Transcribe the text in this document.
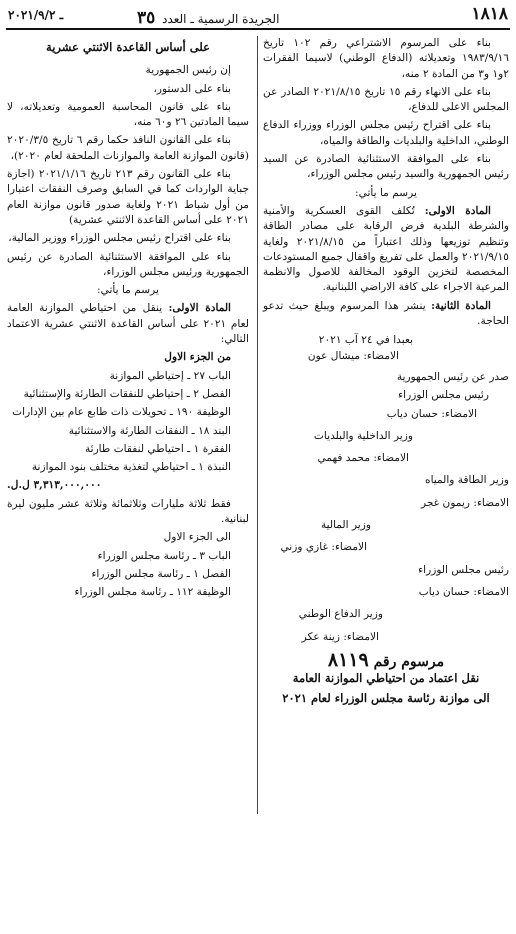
١٨١٨
الجريدة الرسمية ـ العدد ٣٥
ـ ٢٠٢١/٩/٢

بناء على المرسوم الاشتراعي رقم ١٠٢ تاريخ ١٩٨٣/٩/١٦ وتعديلاته (الدفاع الوطني) لاسيما الفقرات ٢و١ و٣ من المادة ٢ منه،

بناء على الانهاء رقم ١٥ تاريخ ٢٠٢١/٨/١٥ الصادر عن المجلس الاعلى للدفاع،

بناء على اقتراح رئيس مجلس الوزراء ووزراء الدفاع الوطني، الداخلية والبلديات والطاقة والمياه،

بناء على الموافقة الاستثنائية الصادرة عن السيد رئيس الجمهورية والسيد رئيس مجلس الوزراء،

يرسم ما يأتي:

المادة الاولى: تُكلف القوى العسكرية والأمنية والشرطة البلدية فرض الرقابة على مصادر الطاقة وتنظيم توزيعها وذلك اعتباراً من ٢٠٢١/٨/١٥ ولغاية ٢٠٢١/٩/١٥ والعمل على تفريغ واقفال جميع المستودعات المخصصة لتخزين الوقود المخالفة للاصول والانظمة المرعية الاجراء على كافة الاراضي اللبنانية.

المادة الثانية: ينشر هذا المرسوم ويبلغ حيث تدعو الحاجة.

بعبدا في ٢٤ آب ٢٠٢١

الامضاء: ميشال عون

صدر عن رئيس الجمهورية

رئيس مجلس الوزراء

الامضاء: حسان دياب

وزير الداخلية والبلديات

الامضاء: محمد فهمي

وزير الطاقة والمياه

الامضاء: ريمون غجر

وزير المالية

الامضاء: غازي وزني

رئيس مجلس الوزراء

الامضاء: حسان دياب

وزير الدفاع الوطني

الامضاء: زينة عكر

مرسوم رقم ٨١١٩

نقل اعتماد من احتياطي الموازنة العامة

الى موازنة رئاسة مجلس الوزراء لعام ٢٠٢١

على أساس القاعدة الاثنتي عشرية

إن رئيس الجمهورية

بناء على الدستور،

بناء على قانون المحاسبة العمومية وتعديلاته، لا سيما المادتين ٢٦ و٦٠ منه،

بناء على القانون النافذ حكما رقم ٦ تاريخ ٢٠٢٠/٣/٥ (قانون الموازنة العامة والموازنات الملحقة لعام ٢٠٢٠)،

بناء على القانون رقم ٢١٣ تاريخ ٢٠٢١/١/١٦ (اجازة جباية الواردات كما في السابق وصرف النفقات اعتبارا من أول شباط ٢٠٢١ ولغاية صدور قانون موازنة العام ٢٠٢١ على أساس القاعدة الاثنتي عشرية)

بناء على اقتراح رئيس مجلس الوزراء ووزير المالية،

بناء على الموافقة الاستثنائية الصادرة عن رئيس الجمهورية ورئيس مجلس الوزراء،

يرسم ما يأتي:

المادة الاولى: ينقل من احتياطي الموازنة العامة لعام ٢٠٢١ على أساس القاعدة الاثنتي عشرية الاعتماد التالي:

من الجزء الاول

الباب ٢٧ ـ إحتياطي الموازنة

الفصل ٢ ـ إحتياطي للنفقات الطارئة والإستثنائية

الوظيفة ١٩٠ ـ تحويلات ذات طابع عام بين الإدارات

البند ١٨ ـ النفقات الطارئة والاستثنائية

الفقرة ١ ـ احتياطي لنفقات طارئة

النبذة ١ ـ احتياطي لتغذية مختلف بنود الموازنة

٣,٣١٣,٠٠٠,٠٠٠ ل.ل.

فقط ثلاثة مليارات وثلاثمائة وثلاثة عشر مليون ليرة لبنانية.

الى الجزء الاول

الباب ٣ ـ رئاسة مجلس الوزراء

الفصل ١ ـ رئاسة مجلس الوزراء

الوظيفة ١١٢ ـ رئاسة مجلس الوزراء
